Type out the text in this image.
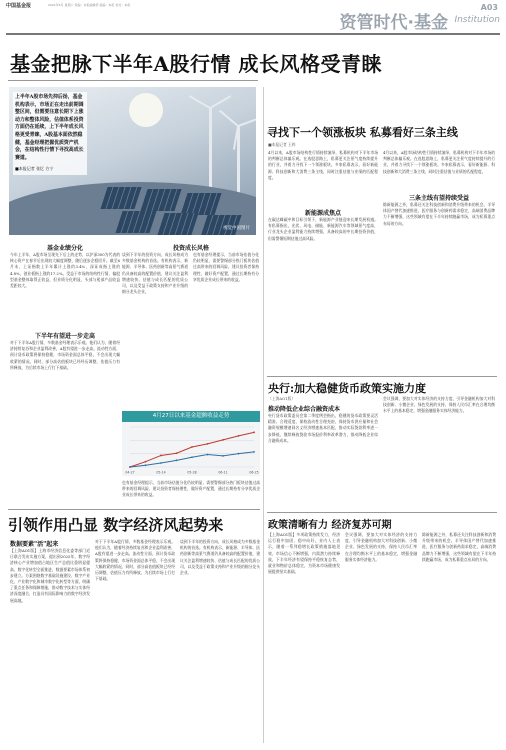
中国基金报	2021年6月 星期六 责编：本报编辑部 美编：本报 校对：本报
资管时代·基金
A03
Institution
基金把脉下半年A股行情 成长风格受青睐
视觉中国图片
上半年A股市场先抑后扬，基金机构表示，市场正在走出前期调整区间，但需要注意长期下上涨动力和整体风险，估值体系投资方面仍在延续，上下半年成长风格更受青睐，A股基本面依然稳健，基金经理把握优质资产机会，在结构性行情下寻找高成长赛道。
■本报记者 张忆 方宁
基金业绩分化
今年上半年，A股市场呈现先下后上的走势，以沪深300为代表的核心资产在春节后出现较大幅度调整，随后逐步企稳回升。截至6月末，上证指数上半年累计上涨约3.4%，深证成指上涨约4.8%，创业板指上涨约17.2%。受益于市场的结构性行情，偏股型基金整体取得正收益，但业绩分化明显，头部与尾部产品收益差距较大。
下半年有望进一步走高
对于下半年A股行情，多数基金经理表示乐观。他们认为，随着经济持续复苏和企业盈利改善，A股有望进一步走高。流动性方面，预计货币政策将保持稳健，市场资金面总体平稳，不会出现大幅收紧的情况。同时，部分高估值板块已经经历调整，估值压力有所释放，为后续市场上行打下基础。
投资成长风格
谈到下半年的投资方向，成长风格成为多数基金机构的首选。有机构表示，新能源、半导体、医药创新等高景气赛道仍具备较高的配置价值，建议关注盈利增速较快、估值与成长匹配的优质公司，以及受益于政策支持和产业升级的细分龙头企业。
也有基金经理提示，当前市场估值分化仍较明显，需要警惕部分热门板块估值过高带来的回调风险，建议投资者保持理性，做好资产配置，通过长期持有分享优质企业成长带来的收益。
4月27日以来基金超额收益走势
04-27	05-14	05-28	06-11	06-25
也有基金经理提示，当前市场估值分化仍较明显，需要警惕部分热门板块估值过高带来的回调风险，建议投资者保持理性，做好资产配置，通过长期持有分享优质企业成长带来的收益。
引领作用凸显 数字经济风起势来
数据要素"活"起来
【上海AO1版】上海市经济信息化委等部门近日联合发布实施方案，提出到2025年，数字经济核心产业增加值占地区生产总值比重明显提高，数字化转型全面推进，数据要素市场体系初步建立。方案围绕数字基础设施建设、数字产业化、产业数字化和城市数字化转型等方面，明确了重点任务和保障措施，推动数字技术与实体经济深度融合，打造具有国际影响力的数字经济发展高地。
对于下半年A股行情，多数基金经理表示乐观。他们认为，随着经济持续复苏和企业盈利改善，A股有望进一步走高。流动性方面，预计货币政策将保持稳健，市场资金面总体平稳，不会出现大幅收紧的情况。同时，部分高估值板块已经经历调整，估值压力有所释放，为后续市场上行打下基础。
谈到下半年的投资方向，成长风格成为多数基金机构的首选。有机构表示，新能源、半导体、医药创新等高景气赛道仍具备较高的配置价值，建议关注盈利增速较快、估值与成长匹配的优质公司，以及受益于政策支持和产业升级的细分龙头企业。
寻找下一个领涨板块 私募看好三条主线
■本报记者 王梓
4月以来，A股市场结构性行情持续演绎，私募机构对下半年市场的判断总体偏乐观。在选股思路上，私募更关注景气度持续提升的行业，并着力寻找下一个领涨板块。多家私募表示，看好新能源、科技创新和大消费三条主线，同时注重估值与业绩的匹配程度。
新能源成焦点
在碳达峰碳中和目标引领下，新能源产业链迎来长期发展机遇。有私募指出，光伏、风电、储能、新能源汽车等领域景气度高，行业龙头企业盈利能力持续增强，具备较高的中长期投资价值，但需警惕短期估值过高风险。
4月以来，A股市场结构性行情持续演绎，私募机构对下半年市场的判断总体偏乐观。在选股思路上，私募更关注景气度持续提升的行业，并着力寻找下一个领涨板块。多家私募表示，看好新能源、科技创新和大消费三条主线，同时注重估值与业绩的匹配程度。
三条主线有望持续受益
除新能源之外，私募还关注科技创新和消费升级带来的机会。半导体国产替代加速推进，医疗服务与创新药需求稳定，高端消费品牌力不断增强，这些领域有望在下半年持续跑赢市场，成为私募重点布局的方向。
央行:加大稳健货币政策实施力度
（上海AO1版）
推动降低企业综合融资成本
央行货币政策委员会第二季度例会指出，稳健的货币政策要灵活精准、合理适度，保持流动性合理充裕，保持货币供应量和社会融资规模增速同名义经济增速基本匹配，推动实际贷款利率进一步降低，继续释放贷款市场报价利率改革潜力，推动降低企业综合融资成本。
会议强调，要加大对实体经济的支持力度，引导金融机构加大对科技创新、小微企业、绿色发展的支持，保持人民币汇率在合理均衡水平上的基本稳定，增强金融服务实体经济能力。
政策清晰有力 经济复苏可期
【上海AO1版】多项政策持续发力，经济运行稳中加固、稳中向好。业内人士表示，随着一系列稳增长政策措施落地见效，市场信心不断增强，内需潜力持续释放，下半年经济有望保持平稳恢复态势，就业和物价总体稳定，为资本市场健康发展提供坚实基础。
会议强调，要加大对实体经济的支持力度，引导金融机构加大对科技创新、小微企业、绿色发展的支持，保持人民币汇率在合理均衡水平上的基本稳定，增强金融服务实体经济能力。
除新能源之外，私募还关注科技创新和消费升级带来的机会。半导体国产替代加速推进，医疗服务与创新药需求稳定，高端消费品牌力不断增强，这些领域有望在下半年持续跑赢市场，成为私募重点布局的方向。
